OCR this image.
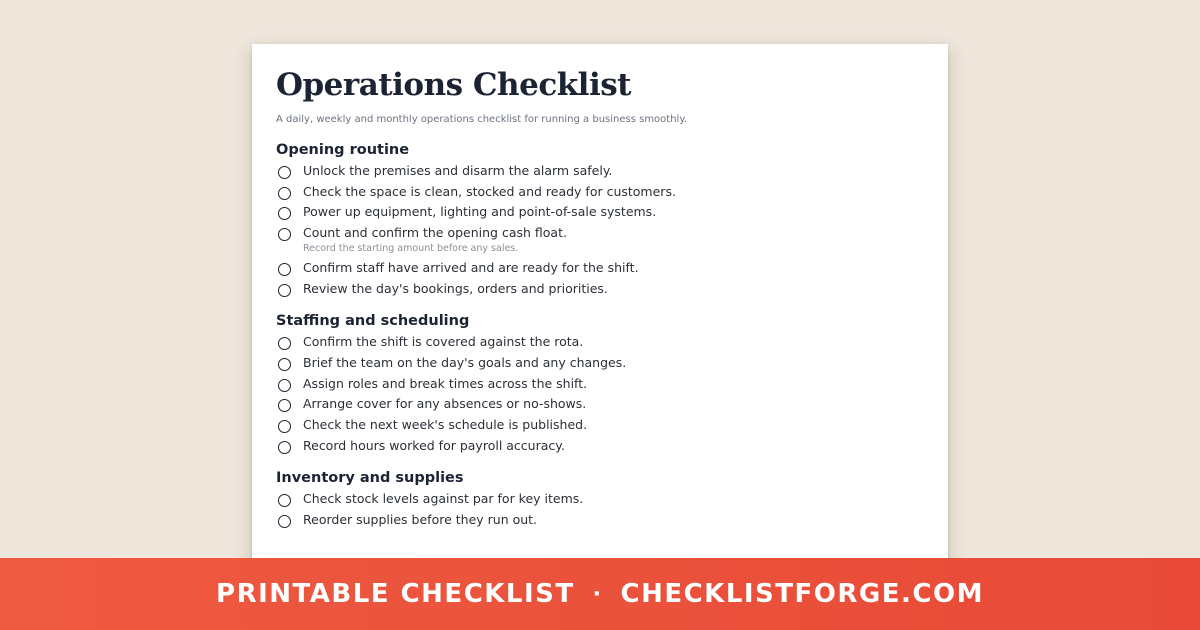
Operations Checklist

A daily, weekly and monthly operations checklist for running a business smoothly.

Opening routine
Unlock the premises and disarm the alarm safely.
Check the space is clean, stocked and ready for customers.
Power up equipment, lighting and point-of-sale systems.
Count and confirm the opening cash float.
Record the starting amount before any sales.
Confirm staff have arrived and are ready for the shift.
Review the day's bookings, orders and priorities.
Staffing and scheduling
Confirm the shift is covered against the rota.
Brief the team on the day's goals and any changes.
Assign roles and break times across the shift.
Arrange cover for any absences or no-shows.
Check the next week's schedule is published.
Record hours worked for payroll accuracy.
Inventory and supplies
Check stock levels against par for key items.
Reorder supplies before they run out.
PRINTABLE CHECKLIST · CHECKLISTFORGE.COM
